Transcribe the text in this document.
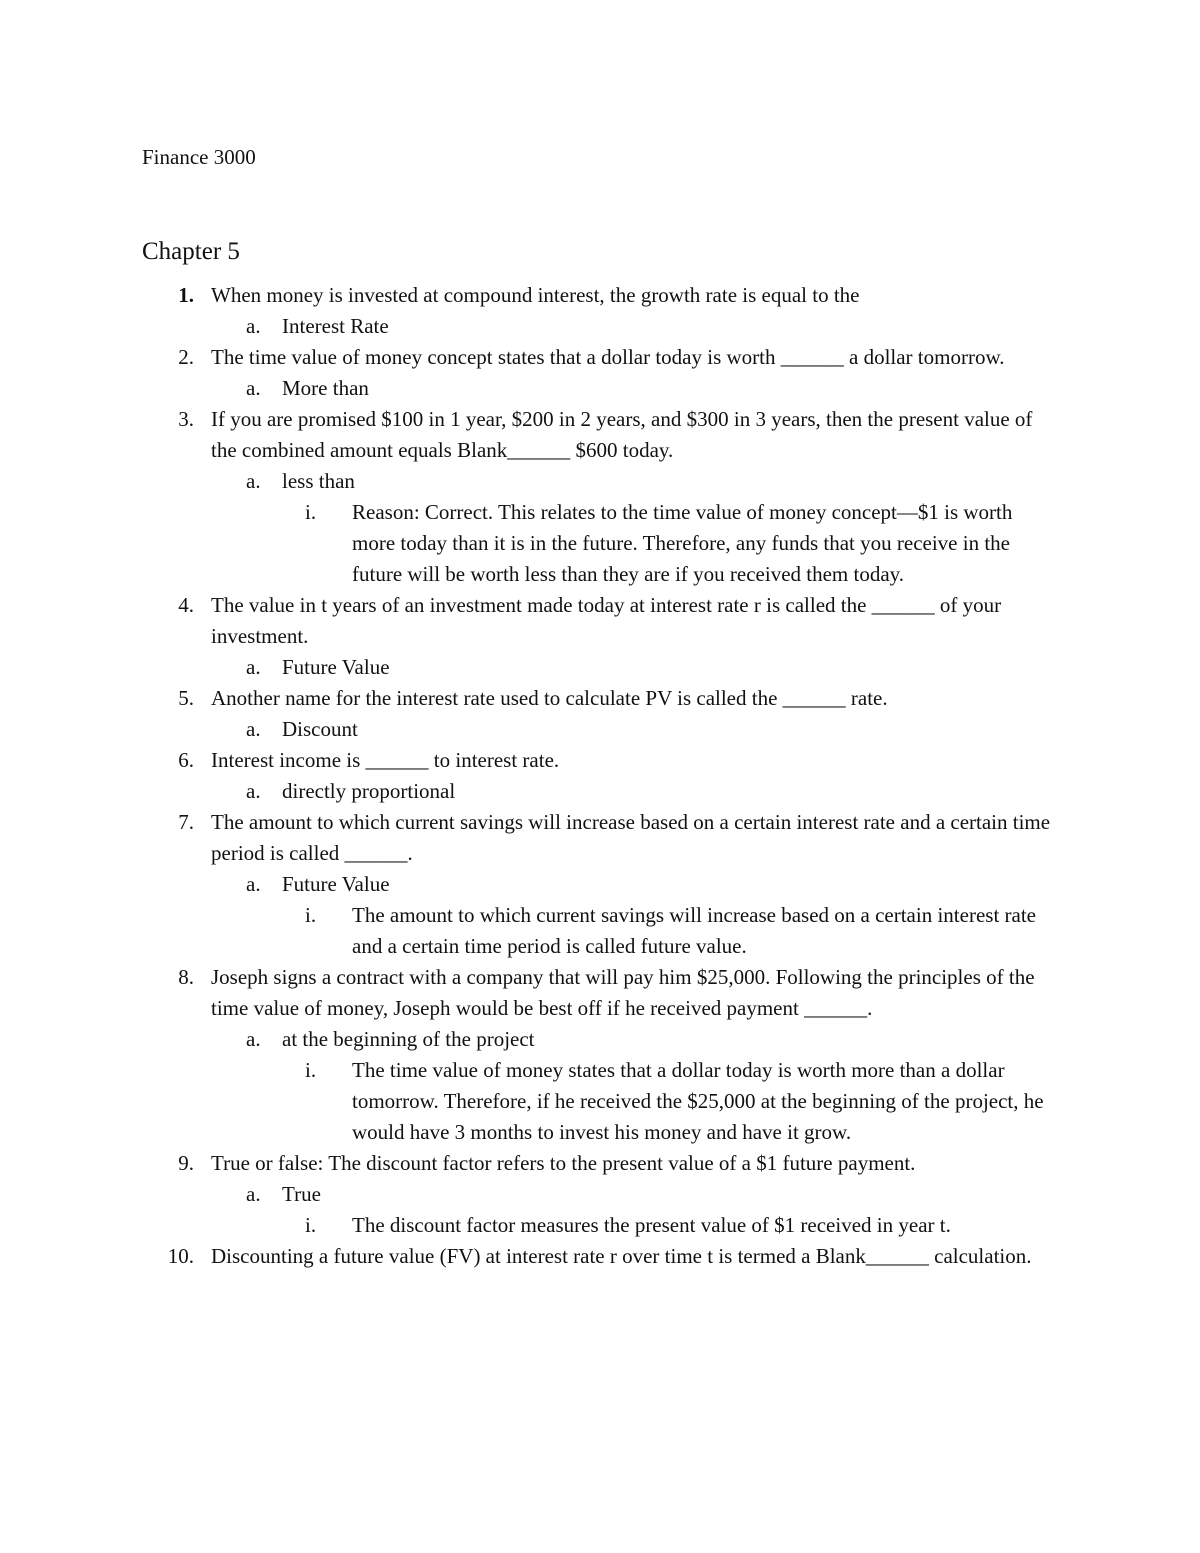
Finance 3000
Chapter 5
1. When money is invested at compound interest, the growth rate is equal to the
a. Interest Rate
2. The time value of money concept states that a dollar today is worth ______ a dollar tomorrow.
a. More than
3. If you are promised $100 in 1 year, $200 in 2 years, and $300 in 3 years, then the present value of the combined amount equals Blank______ $600 today.
a. less than
i. Reason: Correct. This relates to the time value of money concept—$1 is worth more today than it is in the future. Therefore, any funds that you receive in the future will be worth less than they are if you received them today.
4. The value in t years of an investment made today at interest rate r is called the ______ of your investment.
a. Future Value
5. Another name for the interest rate used to calculate PV is called the ______ rate.
a. Discount
6. Interest income is ______ to interest rate.
a. directly proportional
7. The amount to which current savings will increase based on a certain interest rate and a certain time period is called ______.
a. Future Value
i. The amount to which current savings will increase based on a certain interest rate and a certain time period is called future value.
8. Joseph signs a contract with a company that will pay him $25,000. Following the principles of the time value of money, Joseph would be best off if he received payment ______.
a. at the beginning of the project
i. The time value of money states that a dollar today is worth more than a dollar tomorrow. Therefore, if he received the $25,000 at the beginning of the project, he would have 3 months to invest his money and have it grow.
9. True or false: The discount factor refers to the present value of a $1 future payment.
a. True
i. The discount factor measures the present value of $1 received in year t.
10. Discounting a future value (FV) at interest rate r over time t is termed a Blank______ calculation.
